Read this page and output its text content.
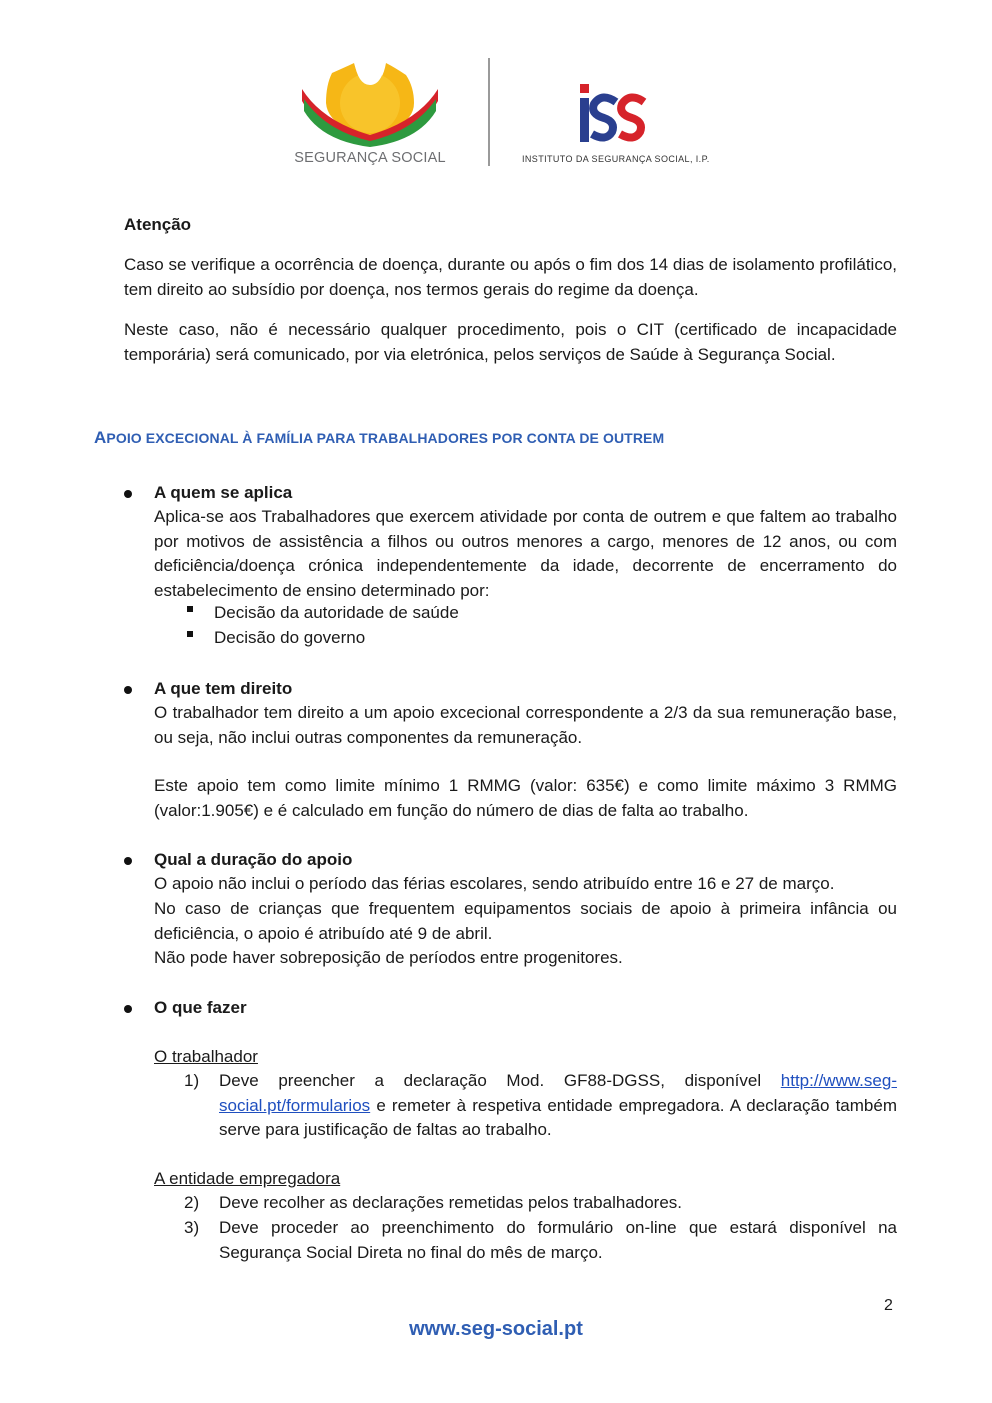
SEGURANÇA SOCIAL	INSTITUTO DA SEGURANÇA SOCIAL, I.P.
Atenção
Caso se verifique a ocorrência de doença, durante ou após o fim dos 14 dias de isolamento profilático, tem direito ao subsídio por doença, nos termos gerais do regime da doença.
Neste caso, não é necessário qualquer procedimento, pois o CIT (certificado de incapacidade temporária) será comunicado, por via eletrónica, pelos serviços de Saúde à Segurança Social.
APOIO EXCECIONAL À FAMÍLIA PARA TRABALHADORES POR CONTA DE OUTREM
A quem se aplica
Aplica-se aos Trabalhadores que exercem atividade por conta de outrem e que faltem ao trabalho por motivos de assistência a filhos ou outros menores a cargo, menores de 12 anos, ou com deficiência/doença crónica independentemente da idade, decorrente de encerramento do estabelecimento de ensino determinado por:
Decisão da autoridade de saúde
Decisão do governo
A que tem direito
O trabalhador tem direito a um apoio excecional correspondente a 2/3 da sua remuneração base, ou seja, não inclui outras componentes da remuneração.
Este apoio tem como limite mínimo 1 RMMG (valor: 635€) e como limite máximo 3 RMMG (valor:1.905€) e é calculado em função do número de dias de falta ao trabalho.
Qual a duração do apoio
O apoio não inclui o período das férias escolares, sendo atribuído entre 16 e 27 de março.
No caso de crianças que frequentem equipamentos sociais de apoio à primeira infância ou deficiência, o apoio é atribuído até 9 de abril.
Não pode haver sobreposição de períodos entre progenitores.
O que fazer
O trabalhador
1) Deve preencher a declaração Mod. GF88-DGSS, disponível http://www.seg-social.pt/formularios e remeter à respetiva entidade empregadora. A declaração também serve para justificação de faltas ao trabalho.
A entidade empregadora
2) Deve recolher as declarações remetidas pelos trabalhadores.
3) Deve proceder ao preenchimento do formulário on-line que estará disponível na Segurança Social Direta no final do mês de março.
2
www.seg-social.pt
